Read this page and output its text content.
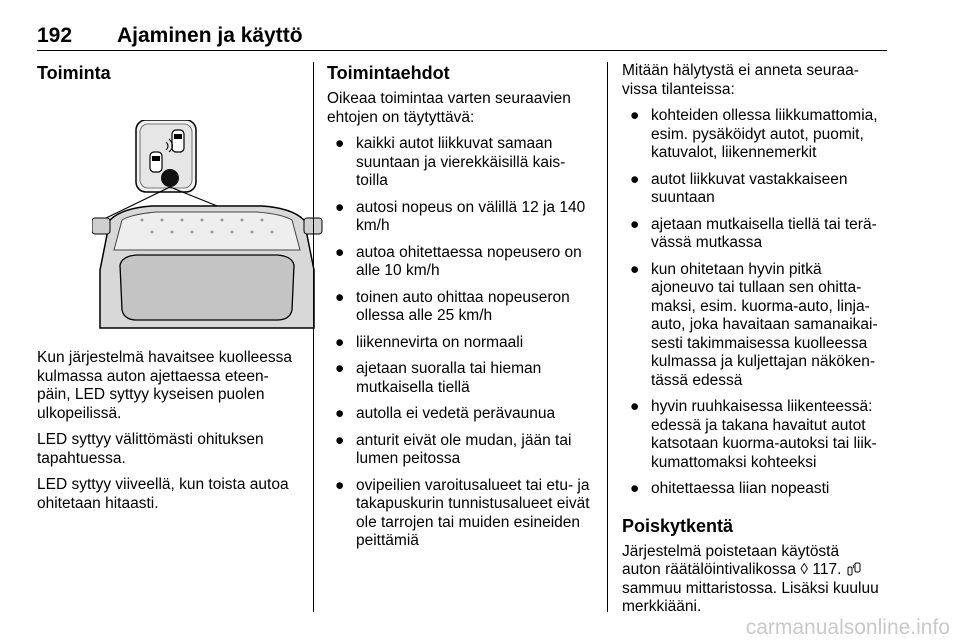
192 Ajaminen ja käyttö
Toiminta

Kun järjestelmä havaitsee kuolleessa kulmassa auton ajettaessa eteen- päin, LED syttyy kyseisen puolen ulkopeilissä.

LED syttyy välittömästi ohituksen tapahtuessa.

LED syttyy viiveellä, kun toista autoa ohitetaan hitaasti.

Toimintaehdot

Oikeaa toimintaa varten seuraavien ehtojen on täytyttävä:

● kaikki autot liikkuvat samaan suuntaan ja vierekkäisillä kais- toilla
● autosi nopeus on välillä 12 ja 140 km/h
● autoa ohitettaessa nopeusero on alle 10 km/h
● toinen auto ohittaa nopeuseron ollessa alle 25 km/h
● liikennevirta on normaali
● ajetaan suoralla tai hieman mutkaisella tiellä
● autolla ei vedetä perävaunua
● anturit eivät ole mudan, jään tai lumen peitossa
● ovipeilien varoitusalueet tai etu- ja takapuskurin tunnistusalueet eivät ole tarrojen tai muiden esineiden peittämiä

Mitään hälytystä ei anneta seuraa- vissa tilanteissa:

● kohteiden ollessa liikkumattomia, esim. pysäköidyt autot, puomit, katuvalot, liikennemerkit
● autot liikkuvat vastakkaiseen suuntaan
● ajetaan mutkaisella tiellä tai terä- vässä mutkassa
● kun ohitetaan hyvin pitkä ajoneuvo tai tullaan sen ohitta- maksi, esim. kuorma-auto, linja- auto, joka havaitaan samanaikai- sesti takimmaisessa kuolleessa kulmassa ja kuljettajan näköken- tässä edessä
● hyvin ruuhkaisessa liikenteessä: edessä ja takana havaitut autot katsotaan kuorma-autoksi tai liik- kumattomaksi kohteeksi
● ohitettaessa liian nopeasti
Poiskytkentä

Järjestelmä poistetaan käytöstä
auton räätälöintivalikossa ◊ 117.
sammuu mittaristossa. Lisäksi kuuluu merkkiääni.

carmanualsonline.info
